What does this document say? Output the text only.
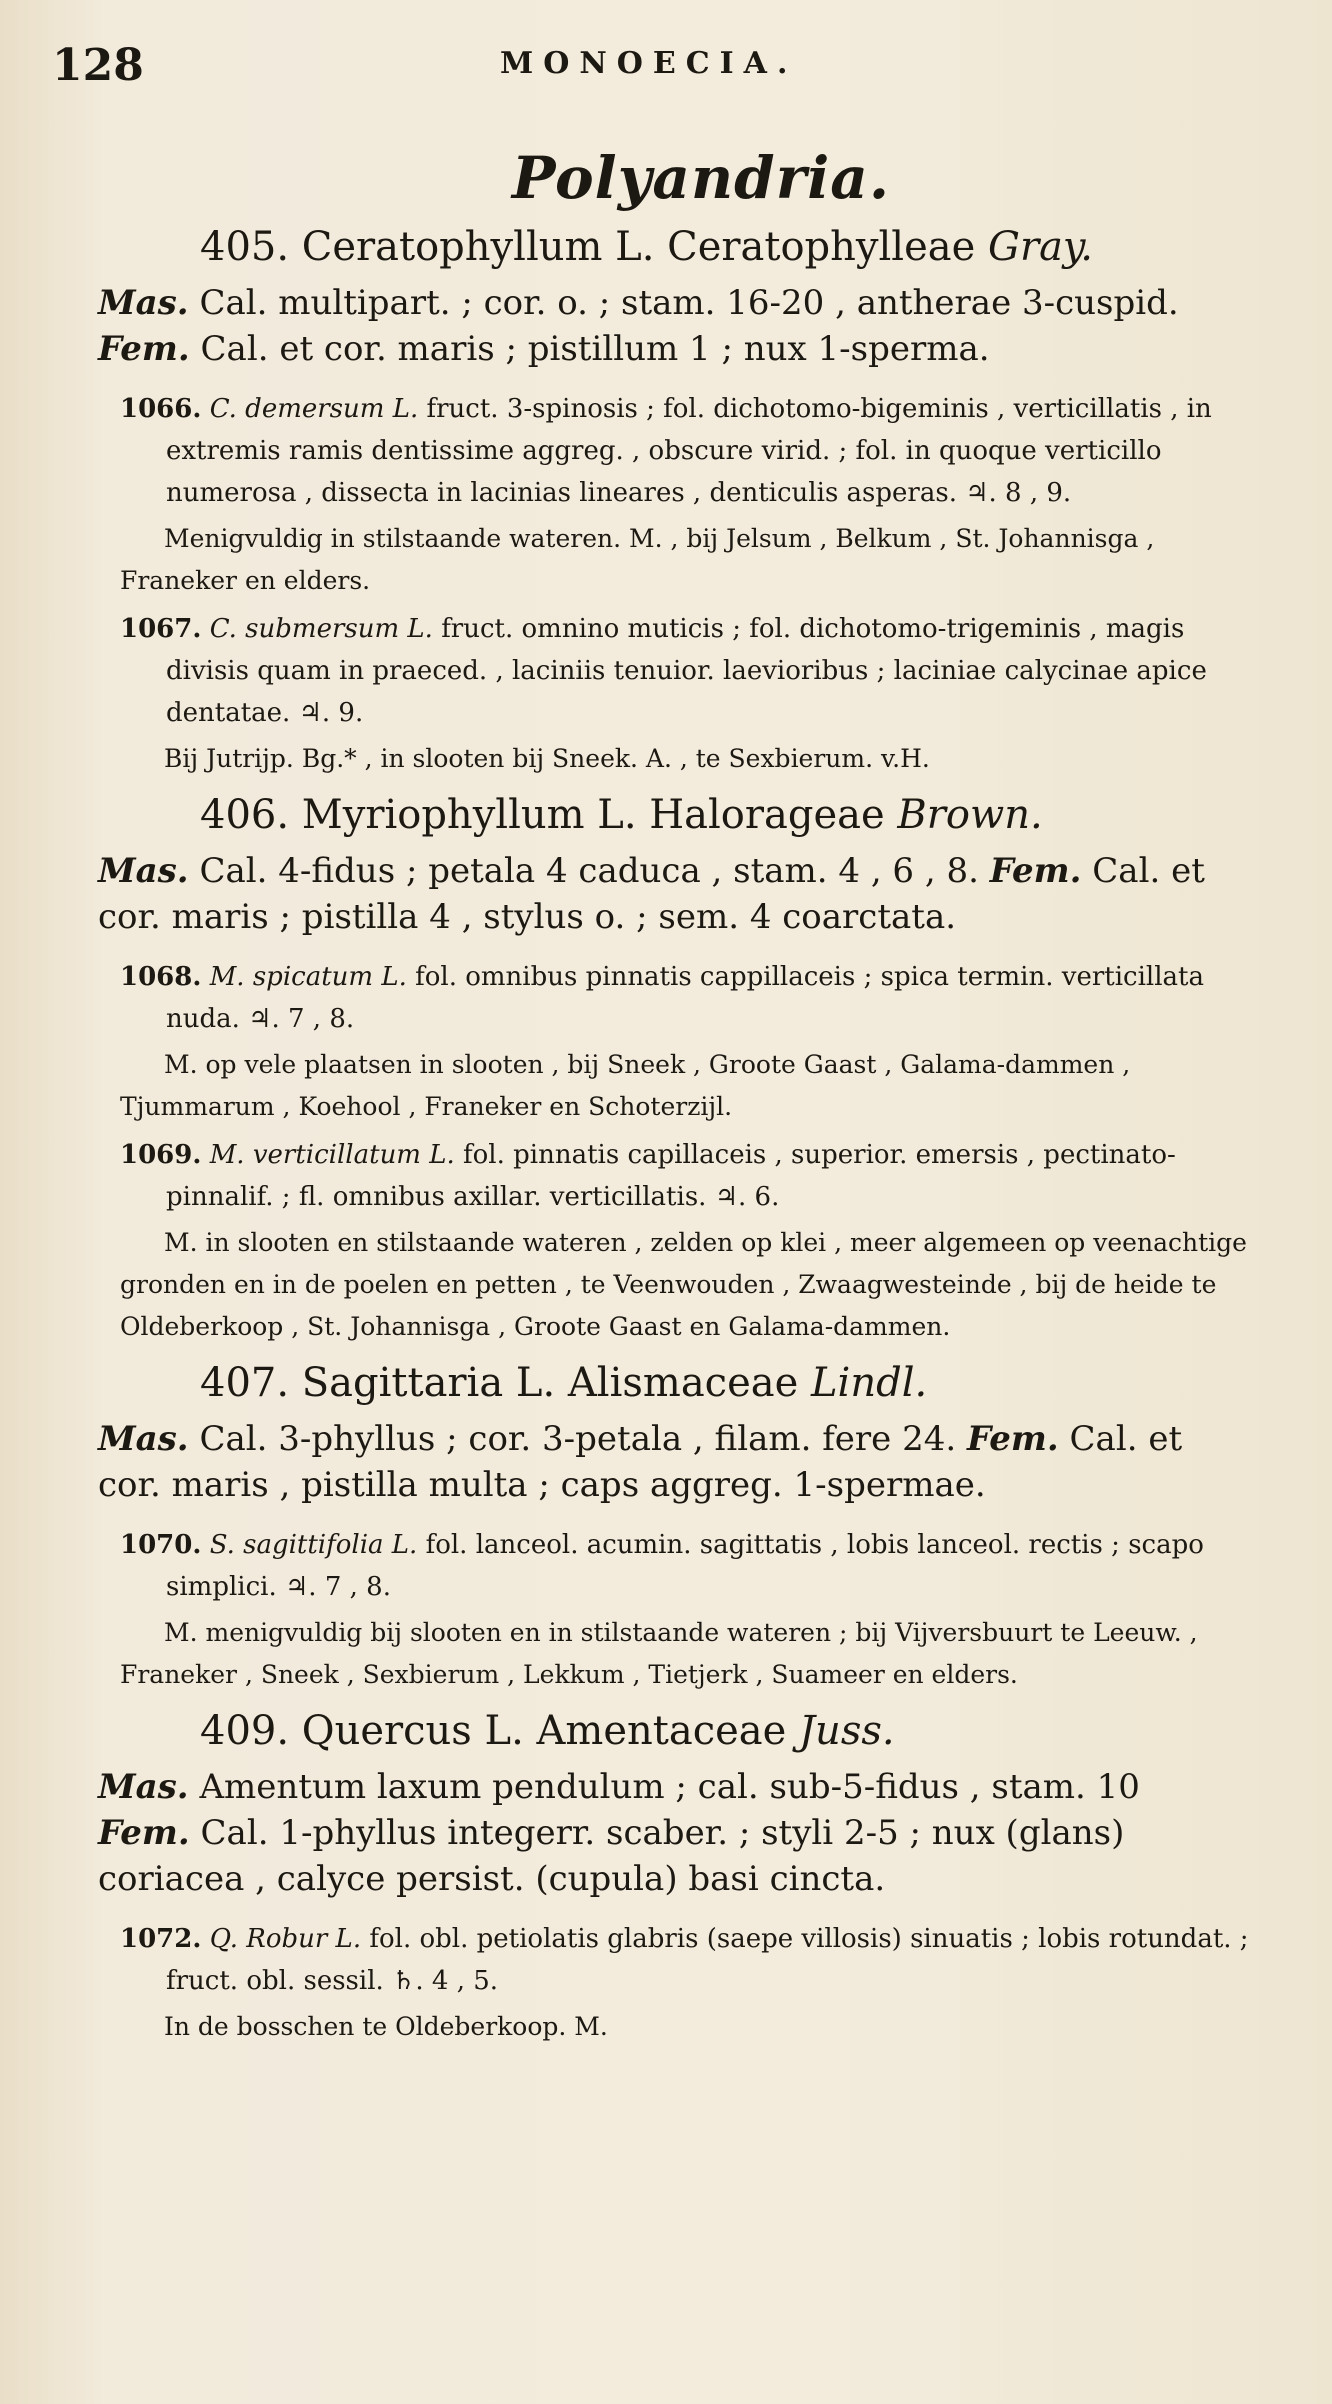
128	MONOECIA.
Polyandria.
405. Ceratophyllum L. Ceratophylleae Gray.
Mas. Cal. multipart. ; cor. o. ; stam. 16-20 , antherae 3-cuspid.
Fem. Cal. et cor. maris ; pistillum 1 ; nux 1-sperma.
1066. C. demersum L. fruct. 3-spinosis ; fol. dichotomo-bigeminis , verticillatis , in extremis ramis dentissime aggreg. , obscure virid. ; fol. in quoque verticillo numerosa , dissecta in lacinias lineares , denticulis asperas. ♃. 8 , 9.
Menigvuldig in stilstaande wateren. M. , bij Jelsum , Belkum , St. Johannisga , Franeker en elders.
1067. C. submersum L. fruct. omnino muticis ; fol. dichotomo-trigeminis , magis divisis quam in praeced. , laciniis tenuior. laevioribus ; laciniae calycinae apice dentatae. ♃. 9.
Bij Jutrijp. Bg.* , in slooten bij Sneek. A. , te Sexbierum. v.H.
406. Myriophyllum L. Halorageae Brown.
Mas. Cal. 4-fidus ; petala 4 caduca , stam. 4 , 6 , 8. Fem. Cal. et cor. maris ; pistilla 4 , stylus o. ; sem. 4 coarctata.
1068. M. spicatum L. fol. omnibus pinnatis cappillaceis ; spica termin. verticillata nuda. ♃. 7 , 8.
M. op vele plaatsen in slooten , bij Sneek , Groote Gaast , Galama-dammen , Tjummarum , Koehool , Franeker en Schoterzijl.
1069. M. verticillatum L. fol. pinnatis capillaceis , superior. emersis , pectinato-pinnalif. ; fl. omnibus axillar. verticillatis. ♃. 6.
M. in slooten en stilstaande wateren , zelden op klei , meer algemeen op veenachtige gronden en in de poelen en petten , te Veenwouden , Zwaagwesteinde , bij de heide te Oldeberkoop , St. Johannisga , Groote Gaast en Galama-dammen.
407. Sagittaria L. Alismaceae Lindl.
Mas. Cal. 3-phyllus ; cor. 3-petala , filam. fere 24. Fem. Cal. et cor. maris , pistilla multa ; caps aggreg. 1-spermae.
1070. S. sagittifolia L. fol. lanceol. acumin. sagittatis , lobis lanceol. rectis ; scapo simplici. ♃. 7 , 8.
M. menigvuldig bij slooten en in stilstaande wateren ; bij Vijversbuurt te Leeuw. , Franeker , Sneek , Sexbierum , Lekkum , Tietjerk , Suameer en elders.
409. Quercus L. Amentaceae Juss.
Mas. Amentum laxum pendulum ; cal. sub-5-fidus , stam. 10
Fem. Cal. 1-phyllus integerr. scaber. ; styli 2-5 ; nux (glans) coriacea , calyce persist. (cupula) basi cincta.
1072. Q. Robur L. fol. obl. petiolatis glabris (saepe villosis) sinuatis ; lobis rotundat. ; fruct. obl. sessil. ♄. 4 , 5.
In de bosschen te Oldeberkoop. M.
